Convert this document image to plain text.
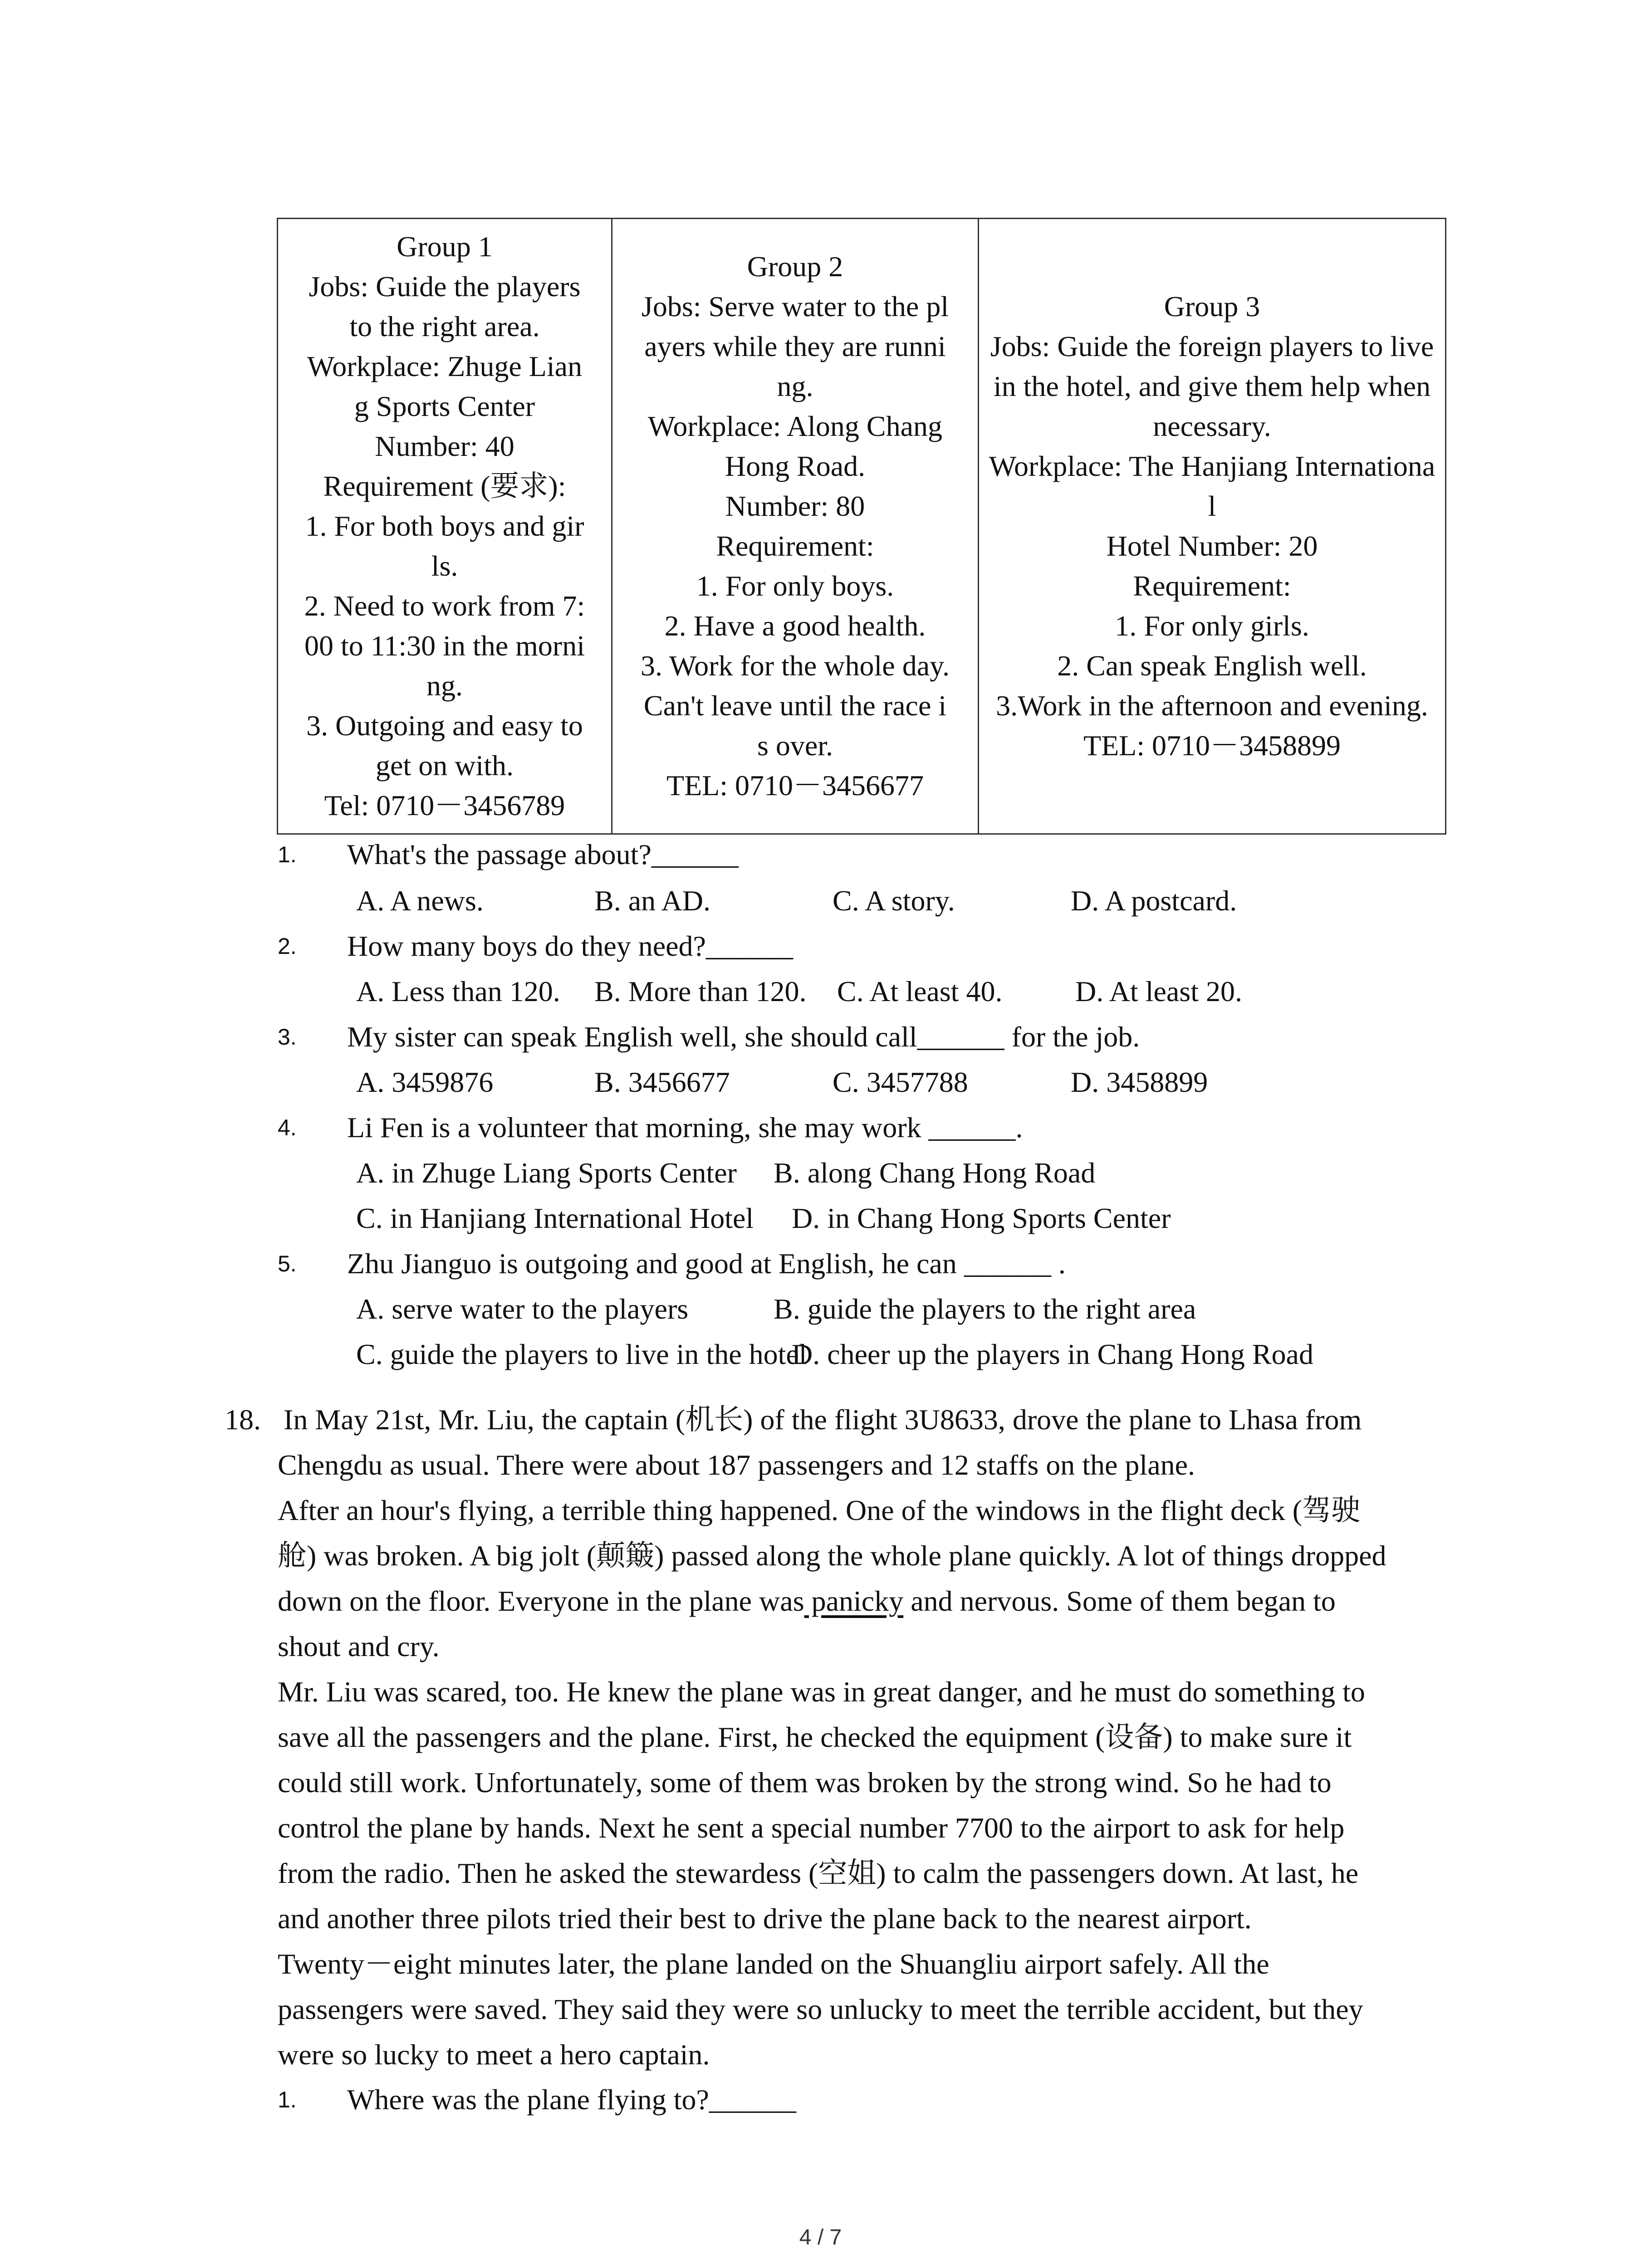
Group 1
Jobs: Guide the players
to the right area.
Workplace: Zhuge Lian
g Sports Center
Number: 40
Requirement (要求):
1. For both boys and gir
ls.
2. Need to work from 7:
00 to 11:30 in the morni
ng.
3. Outgoing and easy to
get on with.
Tel: 0710－3456789

Group 2
Jobs: Serve water to the pl
ayers while they are runni
ng.
Workplace: Along Chang
Hong Road.
Number: 80
Requirement:
1. For only boys.
2. Have a good health.
3. Work for the whole day.
Can't leave until the race i
s over.
TEL: 0710－3456677

Group 3
Jobs: Guide the foreign players to live
in the hotel, and give them help when
necessary.
Workplace: The Hanjiang Internationa
l
Hotel Number: 20
Requirement:
1. For only girls.
2. Can speak English well.
3.Work in the afternoon and evening.
TEL: 0710－3458899
1. What's the passage about?______
A. A news.	B. an AD.	C. A story.	D. A postcard.
2. How many boys do they need?______
A. Less than 120. B. More than 120. C. At least 40.	D. At least 20.
3. My sister can speak English well, she should call______ for the job.
A. 3459876	B. 3456677	C. 3457788	D. 3458899
4. Li Fen is a volunteer that morning, she may work ______.
A. in Zhuge Liang Sports Center B. along Chang Hong Road
C. in Hanjiang International Hotel D. in Chang Hong Sports Center
5. Zhu Jianguo is outgoing and good at English, he can ______ .
A. serve water to the players	B. guide the players to the right area
C. guide the players to live in the hotel
D. cheer up the players in Chang Hong Road
18. In May 21st, Mr. Liu, the captain (机长) of the flight 3U8633, drove the plane to Lhasa from
Chengdu as usual. There were about 187 passengers and 12 staffs on the plane.
After an hour's flying, a terrible thing happened. One of the windows in the flight deck (驾驶
舱) was broken. A big jolt (颠簸) passed along the whole plane quickly. A lot of things dropped
down on the floor. Everyone in the plane was panicky and nervous. Some of them began to
shout and cry.
Mr. Liu was scared, too. He knew the plane was in great danger, and he must do something to
save all the passengers and the plane. First, he checked the equipment (设备) to make sure it
could still work. Unfortunately, some of them was broken by the strong wind. So he had to
control the plane by hands. Next he sent a special number 7700 to the airport to ask for help
from the radio. Then he asked the stewardess (空姐) to calm the passengers down. At last, he
and another three pilots tried their best to drive the plane back to the nearest airport.
Twenty－eight minutes later, the plane landed on the Shuangliu airport safely. All the
passengers were saved. They said they were so unlucky to meet the terrible accident, but they
were so lucky to meet a hero captain.
1. Where was the plane flying to?______
4 / 7
